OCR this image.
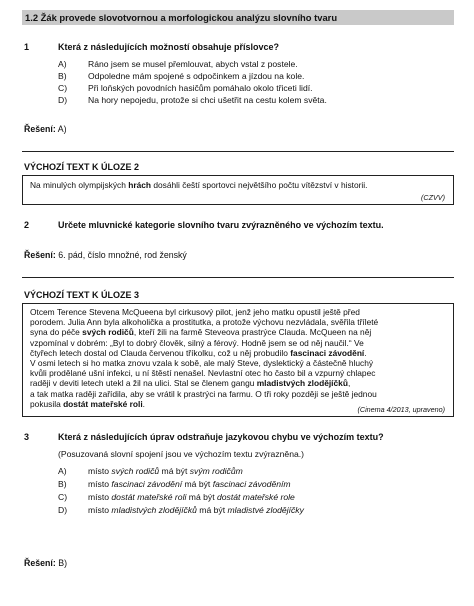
1.2 Žák provede slovotvornou a morfologickou analýzu slovního tvaru
1	Která z následujících možností obsahuje příslovce?
A) Ráno jsem se musel přemlouvat, abych vstal z postele.
B) Odpoledne mám spojené s odpočinkem a jízdou na kole.
C) Při loňských povodních hasičům pomáhalo okolo třiceti lidí.
D) Na hory nepojedu, protože si chci ušetřit na cestu kolem světa.
Řešení: A)
VÝCHOZÍ TEXT K ÚLOZE 2
Na minulých olympijských hrách dosáhli čeští sportovci největšího počtu vítězství v historii.
(CZVV)
2	Určete mluvnické kategorie slovního tvaru zvýrazněného ve výchozím textu.
Řešení: 6. pád, číslo množné, rod ženský
VÝCHOZÍ TEXT K ÚLOZE 3

Otcem Terence Stevena McQueena byl cirkusový pilot, jenž jeho matku opustil ještě před

porodem. Julia Ann byla alkoholička a prostitutka, a protože výchovu nezvládala, svěřila tříleté

syna do péče svých rodičů, kteří žili na farmě Steveova prastrýce Clauda. McQueen na něj

vzpomínal v dobrém: „Byl to dobrý člověk, silný a férový. Hodně jsem se od něj naučil.“ Ve

čtyřech letech dostal od Clauda červenou tříkolku, což u něj probudilo fascinaci závodění.

V osmi letech si ho matka znovu vzala k sobě, ale malý Steve, dyslektický a částečně hluchý

kvůli prodělané ušní infekci, u ní štěstí nenašel. Nevlastní otec ho často bil a vzpurný chlapec

raději v deviti letech utekl a žil na ulici. Stal se členem gangu mladistvých zlodějíčků,

a tak matka raději zařídila, aby se vrátil k prastrýci na farmu. O tři roky později se ještě jednou

pokusila dostát mateřské roli.

(Cinema 4/2013, upraveno)
3	Která z následujících úprav odstraňuje jazykovou chybu ve výchozím textu?
(Posuzovaná slovní spojení jsou ve výchozím textu zvýrazněna.)
A) místo svých rodičů má být svým rodičům
B) místo fascinaci závodění má být fascinaci závoděním
C) místo dostát mateřské roli má být dostát mateřské role
D) místo mladistvých zlodějíčků má být mladistvé zlodějíčky
Řešení: B)
